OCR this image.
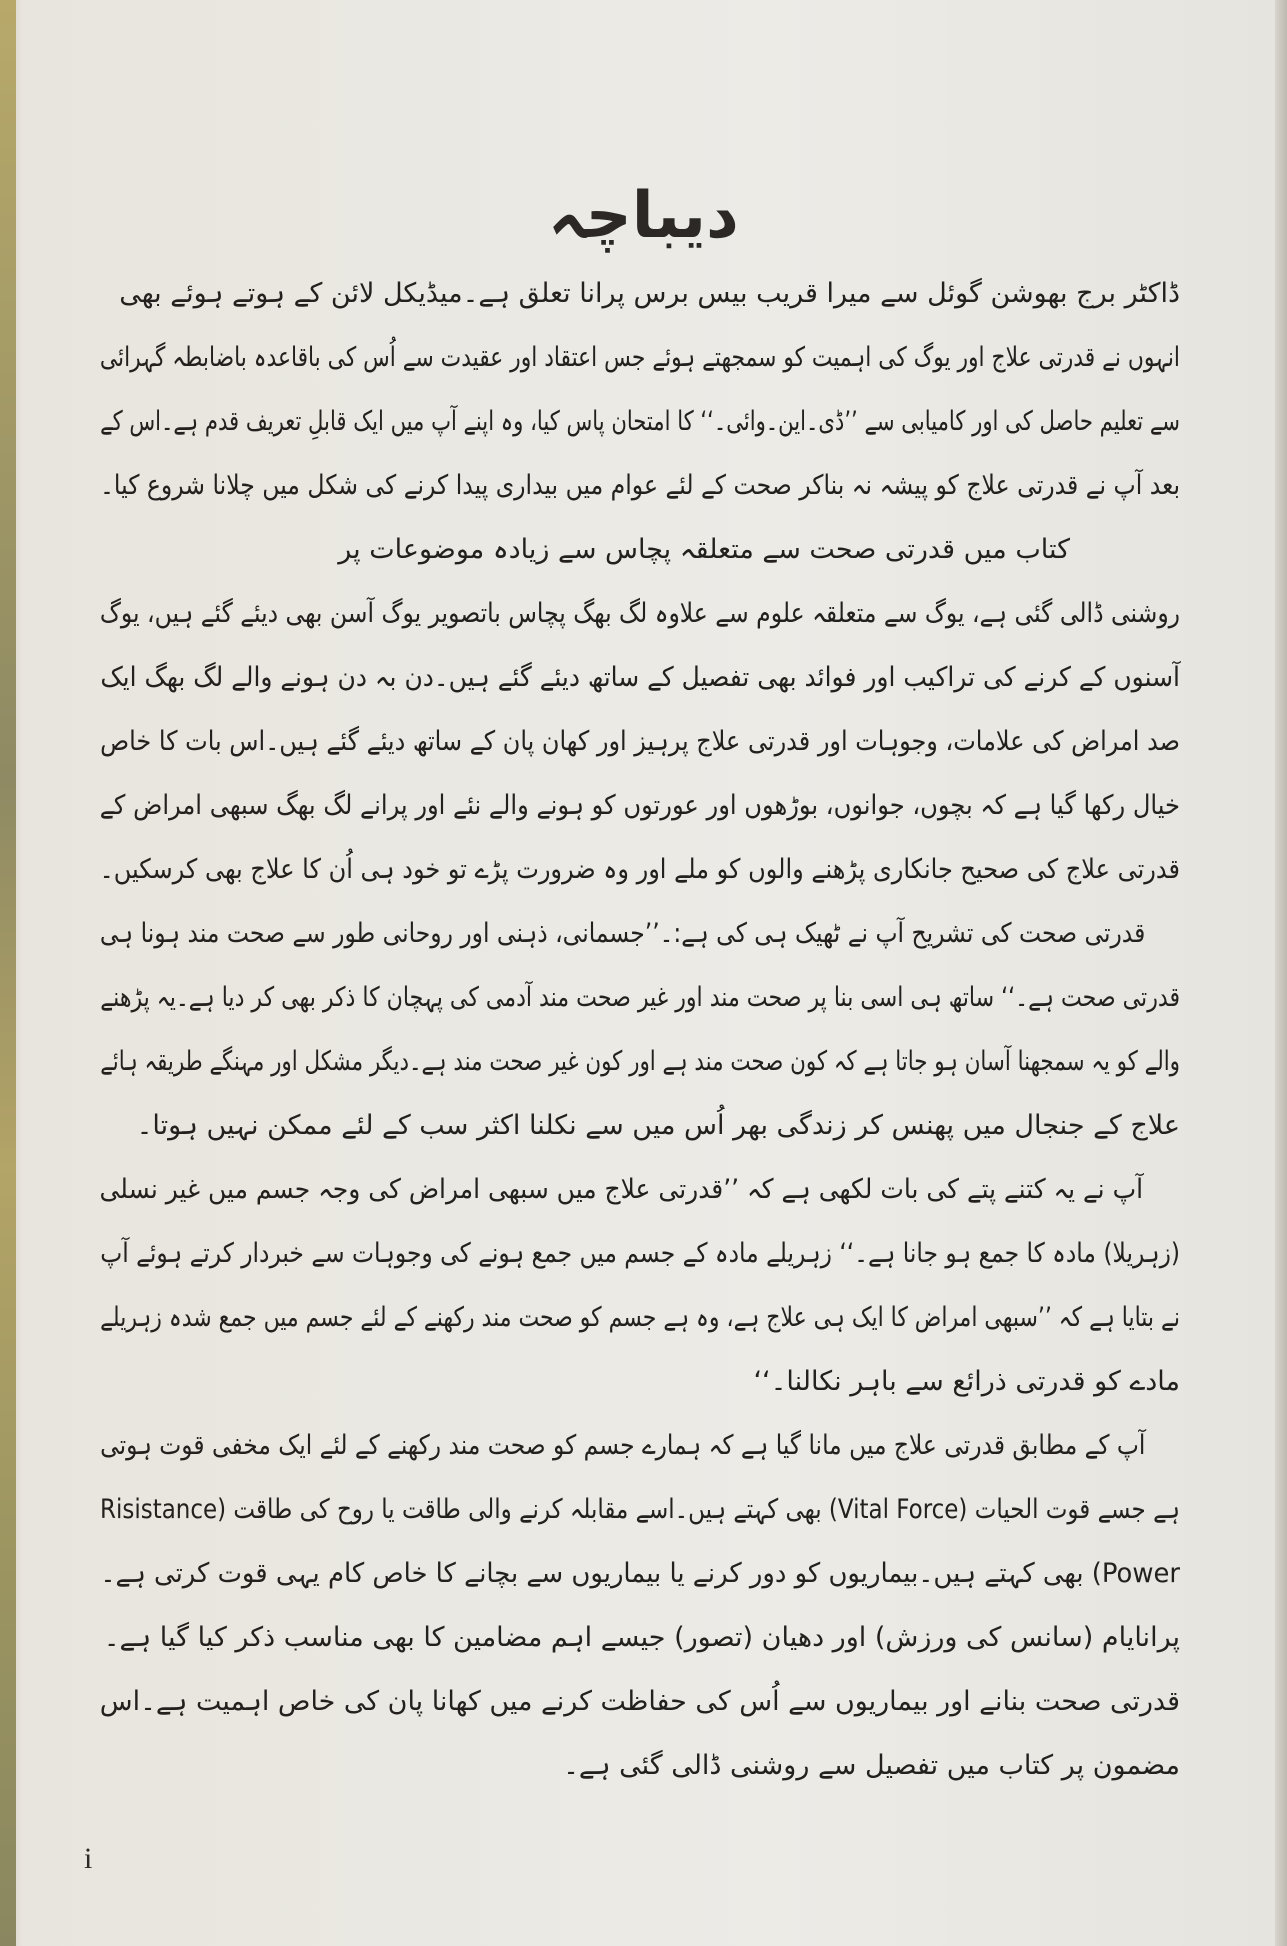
دیباچہ
ڈاکٹر برج بھوشن گوئل سے میرا قریب بیس برس پرانا تعلق ہے۔میڈیکل لائن کے ہوتے ہوئے بھی
انہوں نے قدرتی علاج اور یوگ کی اہمیت کو سمجھتے ہوئے جس اعتقاد اور عقیدت سے اُس کی باقاعدہ باضابطہ گہرائی
سے تعلیم حاصل کی اور کامیابی سے ’’ڈی۔این۔وائی۔‘‘ کا امتحان پاس کیا، وہ اپنے آپ میں ایک قابلِ تعریف قدم ہے۔اس کے
بعد آپ نے قدرتی علاج کو پیشہ نہ بناکر صحت کے لئے عوام میں بیداری پیدا کرنے کی شکل میں چلانا شروع کیا۔
کتاب میں قدرتی صحت سے متعلقہ پچاس سے زیادہ موضوعات پر
روشنی ڈالی گئی ہے، یوگ سے متعلقہ علوم سے علاوہ لگ بھگ پچاس باتصویر یوگ آسن بھی دیئے گئے ہیں، یوگ
آسنوں کے کرنے کی تراکیب اور فوائد بھی تفصیل کے ساتھ دیئے گئے ہیں۔دن بہ دن ہونے والے لگ بھگ ایک
صد امراض کی علامات، وجوہات اور قدرتی علاج پرہیز اور کھان پان کے ساتھ دیئے گئے ہیں۔اس بات کا خاص
خیال رکھا گیا ہے کہ بچوں، جوانوں، بوڑھوں اور عورتوں کو ہونے والے نئے اور پرانے لگ بھگ سبھی امراض کے
قدرتی علاج کی صحیح جانکاری پڑھنے والوں کو ملے اور وہ ضرورت پڑے تو خود ہی اُن کا علاج بھی کرسکیں۔
قدرتی صحت کی تشریح آپ نے ٹھیک ہی کی ہے:۔’’جسمانی، ذہنی اور روحانی طور سے صحت مند ہونا ہی
قدرتی صحت ہے۔‘‘ ساتھ ہی اسی بنا پر صحت مند اور غیر صحت مند آدمی کی پہچان کا ذکر بھی کر دیا ہے۔یہ پڑھنے
والے کو یہ سمجھنا آسان ہو جاتا ہے کہ کون صحت مند ہے اور کون غیر صحت مند ہے۔دیگر مشکل اور مہنگے طریقہ ہائے
علاج کے جنجال میں پھنس کر زندگی بھر اُس میں سے نکلنا اکثر سب کے لئے ممکن نہیں ہوتا۔
آپ نے یہ کتنے پتے کی بات لکھی ہے کہ ’’قدرتی علاج میں سبھی امراض کی وجہ جسم میں غیر نسلی
(زہریلا) مادہ کا جمع ہو جانا ہے۔‘‘ زہریلے مادہ کے جسم میں جمع ہونے کی وجوہات سے خبردار کرتے ہوئے آپ
نے بتایا ہے کہ ’’سبھی امراض کا ایک ہی علاج ہے، وہ ہے جسم کو صحت مند رکھنے کے لئے جسم میں جمع شدہ زہریلے
مادے کو قدرتی ذرائع سے باہر نکالنا۔‘‘
آپ کے مطابق قدرتی علاج میں مانا گیا ہے کہ ہمارے جسم کو صحت مند رکھنے کے لئے ایک مخفی قوت ہوتی
ہے جسے قوت الحیات (Vital Force) بھی کہتے ہیں۔اسے مقابلہ کرنے والی طاقت یا روح کی طاقت (Risistance
Power) بھی کہتے ہیں۔بیماریوں کو دور کرنے یا بیماریوں سے بچانے کا خاص کام یہی قوت کرتی ہے۔
پرانایام (سانس کی ورزش) اور دھیان (تصور) جیسے اہم مضامین کا بھی مناسب ذکر کیا گیا ہے۔
قدرتی صحت بنانے اور بیماریوں سے اُس کی حفاظت کرنے میں کھانا پان کی خاص اہمیت ہے۔اس
مضمون پر کتاب میں تفصیل سے روشنی ڈالی گئی ہے۔
i
